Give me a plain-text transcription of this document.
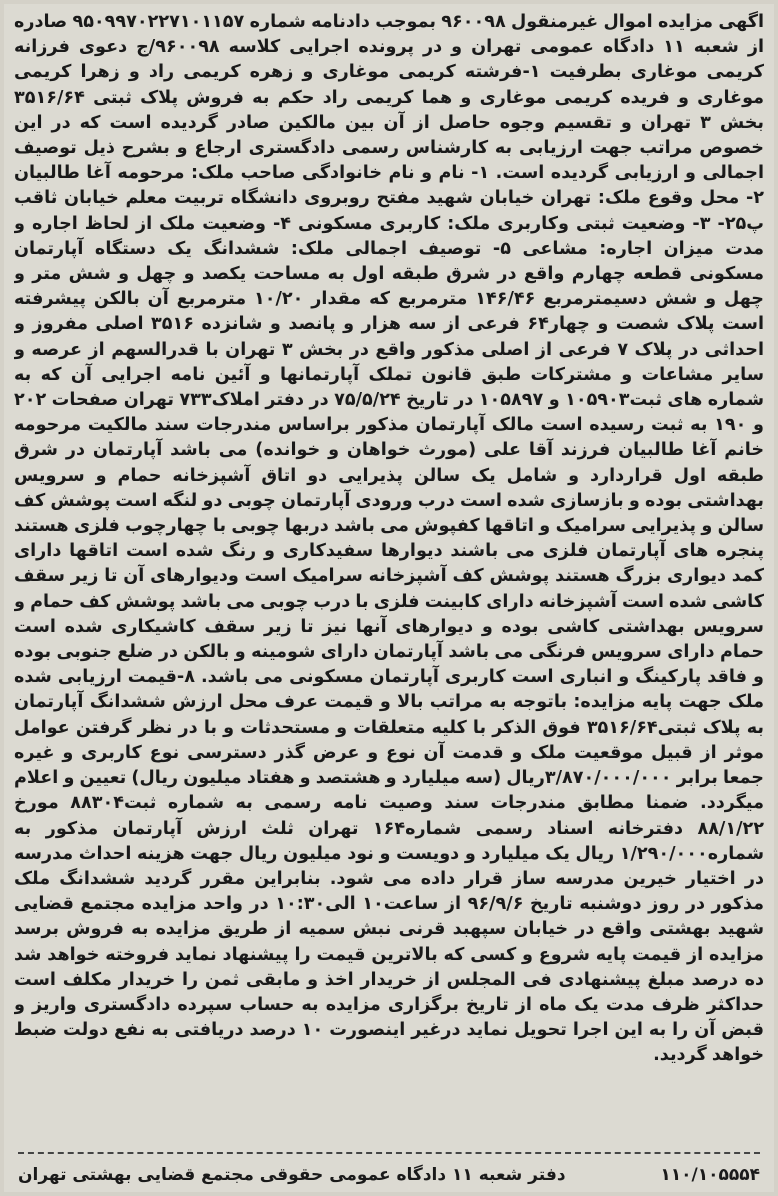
اگهی مزایده اموال غیرمنقول ۹۶۰۰۹۸ بموجب دادنامه شماره ۹۵۰۹۹۷۰۲۲۷۱۰۱۱۵۷ صادره از شعبه ۱۱ دادگاه عمومی تهران و در پرونده اجرایی کلاسه ۹۶۰۰۹۸/ج دعوی فرزانه کریمی موغاری بطرفیت ۱-فرشته کریمی موغاری و زهره کریمی راد و زهرا کریمی موغاری و فریده کریمی موغاری و هما کریمی راد حکم به فروش پلاک ثبتی ۳۵۱۶/۶۴ بخش ۳ تهران و تقسیم وجوه حاصل از آن بین مالکین صادر گردیده است که در این خصوص مراتب جهت ارزیابی به کارشناس رسمی دادگستری ارجاع و بشرح ذیل توصیف اجمالی و ارزیابی گردیده است. ۱- نام و نام خانوادگی صاحب ملک: مرحومه آغا طالبیان ۲- محل وقوع ملک: تهران خیابان شهید مفتح روبروی دانشگاه تربیت معلم خیابان ثاقب پ۲۵- ۳- وضعیت ثبتی وکاربری ملک: کاربری مسکونی ۴- وضعیت ملک از لحاظ اجاره و مدت میزان اجاره: مشاعی ۵- توصیف اجمالی ملک: ششدانگ یک دستگاه آپارتمان مسکونی قطعه چهارم واقع در شرق طبقه اول به مساحت یکصد و چهل و شش متر و چهل و شش دسیمترمربع ۱۴۶/۴۶ مترمربع که مقدار ۱۰/۲۰ مترمربع آن بالکن پیشرفته است پلاک شصت و چهار۶۴ فرعی از سه هزار و پانصد و شانزده ۳۵۱۶ اصلی مفروز و احداثی در پلاک ۷ فرعی از اصلی مذکور واقع در بخش ۳ تهران با قدرالسهم از عرصه و سایر مشاعات و مشترکات طبق قانون تملک آپارتمانها و آئین نامه اجرایی آن که به شماره های ثبت۱۰۵۹۰۳ و ۱۰۵۸۹۷ در تاریخ ۷۵/۵/۲۴ در دفتر املاک۷۳۳ تهران صفحات ۲۰۲ و ۱۹۰ به ثبت رسیده است مالک آپارتمان مذکور براساس مندرجات سند مالکیت مرحومه خانم آغا طالبیان فرزند آقا علی (مورث خواهان و خوانده) می باشد آپارتمان در شرق طبقه اول قراردارد و شامل یک سالن پذیرایی دو اتاق آشپزخانه حمام و سرویس بهداشتی بوده و بازسازی شده است درب ورودی آپارتمان چوبی دو لنگه است پوشش کف سالن و پذیرایی سرامیک و اتاقها کفپوش می باشد دربها چوبی با چهارچوب فلزی هستند پنجره های آپارتمان فلزی می باشند دیوارها سفیدکاری و رنگ شده است اتاقها دارای کمد دیواری بزرگ هستند پوشش کف آشپزخانه سرامیک است ودیوارهای آن تا زیر سقف کاشی شده است آشپزخانه دارای کابینت فلزی با درب چوبی می باشد پوشش کف حمام و سرویس بهداشتی کاشی بوده و دیوارهای آنها نیز تا زیر سقف کاشیکاری شده است حمام دارای سرویس فرنگی می باشد آپارتمان دارای شومینه و بالکن در ضلع جنوبی بوده و فاقد پارکینگ و انباری است کاربری آپارتمان مسکونی می باشد. ۸-قیمت ارزیابی شده ملک جهت پایه مزایده: باتوجه به مراتب بالا و قیمت عرف محل ارزش ششدانگ آپارتمان به پلاک ثبتی۳۵۱۶/۶۴ فوق الذکر با کلیه متعلقات و مستحدثات و با در نظر گرفتن عوامل موثر از قبیل موقعیت ملک و قدمت آن نوع و عرض گذر دسترسی نوع کاربری و غیره جمعا برابر ۳/۸۷۰/۰۰۰/۰۰۰ریال (سه میلیارد و هشتصد و هفتاد میلیون ریال) تعیین و اعلام میگردد. ضمنا مطابق مندرجات سند وصیت نامه رسمی به شماره ثبت۸۸۳۰۴ مورخ ۸۸/۱/۲۲ دفترخانه اسناد رسمی شماره۱۶۴ تهران ثلث ارزش آپارتمان مذکور به شماره۱/۲۹۰/۰۰۰ ریال یک میلیارد و دویست و نود میلیون ریال جهت هزینه احداث مدرسه در اختیار خیرین مدرسه ساز قرار داده می شود. بنابراین مقرر گردید ششدانگ ملک مذکور در روز دوشنبه تاریخ ۹۶/۹/۶ از ساعت۱۰ الی۱۰:۳۰ در واحد مزایده مجتمع قضایی شهید بهشتی واقع در خیابان سپهبد قرنی نبش سمیه از طریق مزایده به فروش برسد مزایده از قیمت پایه شروع و کسی که بالاترین قیمت را پیشنهاد نماید فروخته خواهد شد ده درصد مبلغ پیشنهادی فی المجلس از خریدار اخذ و مابقی ثمن را خریدار مکلف است حداکثر ظرف مدت یک ماه از تاریخ برگزاری مزایده به حساب سپرده دادگستری واریز و قبض آن را به این اجرا تحویل نماید درغیر اینصورت ۱۰ درصد دریافتی به نفع دولت ضبط خواهد گردید.

دفتر شعبه ۱۱ دادگاه عمومی حقوقی مجتمع قضایی بهشتی تهران	۱۱۰/۱۰۵۵۵۴
